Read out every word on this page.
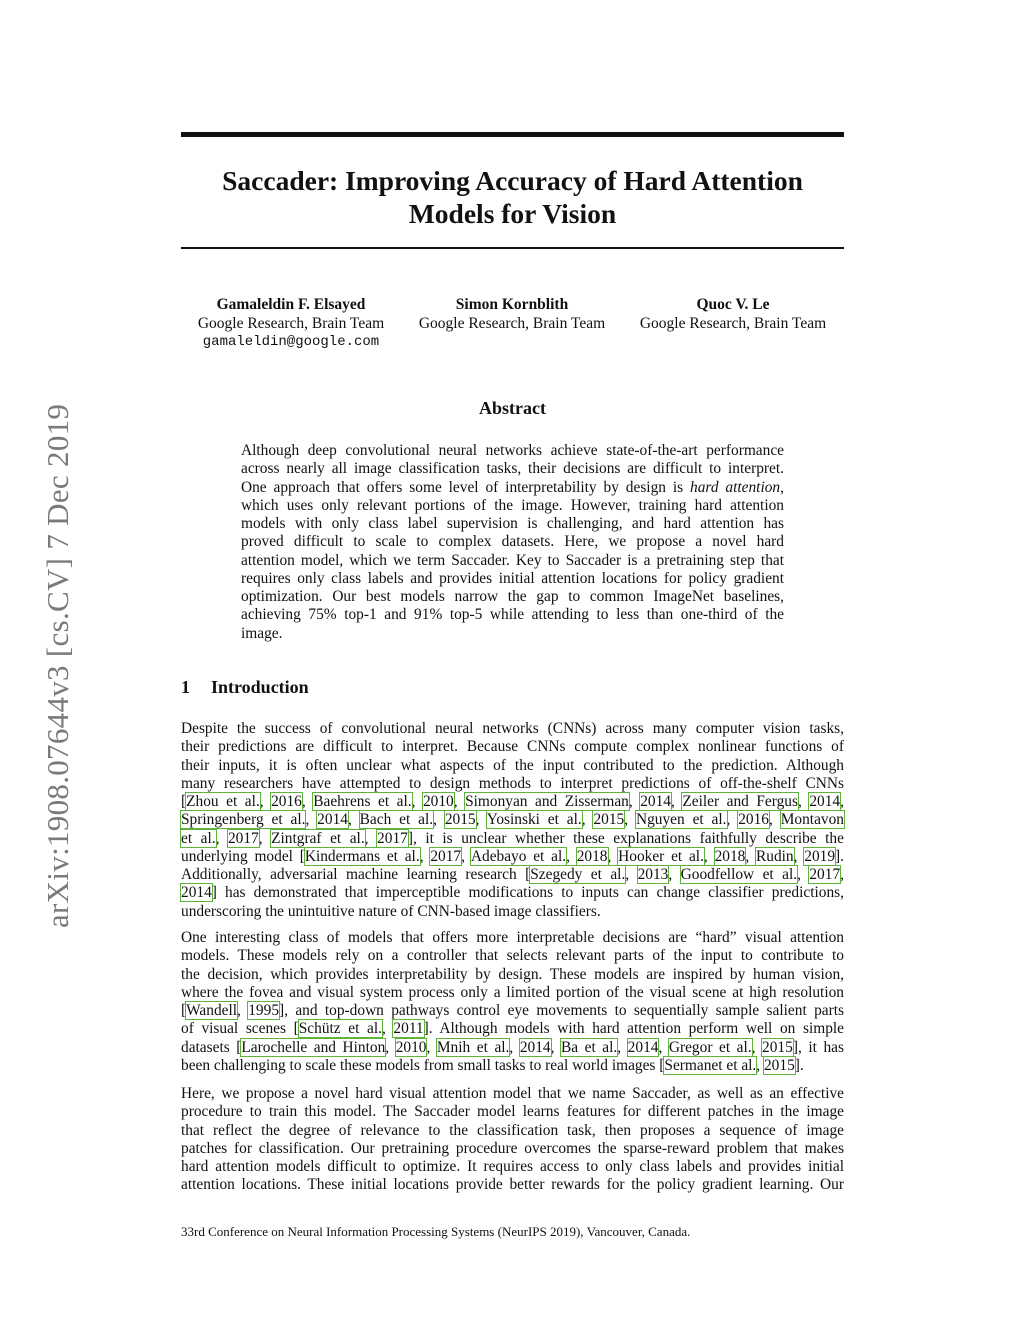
arXiv:1908.07644v3 [cs.CV] 7 Dec 2019
Saccader: Improving Accuracy of Hard Attention
Models for Vision
Gamaleldin F. Elsayed
Google Research, Brain Team
gamaleldin@google.com
Simon Kornblith
Google Research, Brain Team
Quoc V. Le
Google Research, Brain Team
Abstract
Although deep convolutional neural networks achieve state-of-the-art performance
across nearly all image classification tasks, their decisions are difficult to interpret.
One approach that offers some level of interpretability by design is hard attention,
which uses only relevant portions of the image. However, training hard attention
models with only class label supervision is challenging, and hard attention has
proved difficult to scale to complex datasets. Here, we propose a novel hard
attention model, which we term Saccader. Key to Saccader is a pretraining step that
requires only class labels and provides initial attention locations for policy gradient
optimization. Our best models narrow the gap to common ImageNet baselines,
achieving 75% top-1 and 91% top-5 while attending to less than one-third of the
image.
1 Introduction
Despite the success of convolutional neural networks (CNNs) across many computer vision tasks,
their predictions are difficult to interpret. Because CNNs compute complex nonlinear functions of
their inputs, it is often unclear what aspects of the input contributed to the prediction. Although
many researchers have attempted to design methods to interpret predictions of off-the-shelf CNNs
[Zhou et al., 2016, Baehrens et al., 2010, Simonyan and Zisserman, 2014, Zeiler and Fergus, 2014,
Springenberg et al., 2014, Bach et al., 2015, Yosinski et al., 2015, Nguyen et al., 2016, Montavon
et al., 2017, Zintgraf et al., 2017], it is unclear whether these explanations faithfully describe the
underlying model [Kindermans et al., 2017, Adebayo et al., 2018, Hooker et al., 2018, Rudin, 2019].
Additionally, adversarial machine learning research [Szegedy et al., 2013, Goodfellow et al., 2017,
2014] has demonstrated that imperceptible modifications to inputs can change classifier predictions,
underscoring the unintuitive nature of CNN-based image classifiers.
One interesting class of models that offers more interpretable decisions are “hard” visual attention
models. These models rely on a controller that selects relevant parts of the input to contribute to
the decision, which provides interpretability by design. These models are inspired by human vision,
where the fovea and visual system process only a limited portion of the visual scene at high resolution
[Wandell, 1995], and top-down pathways control eye movements to sequentially sample salient parts
of visual scenes [Schütz et al., 2011]. Although models with hard attention perform well on simple
datasets [Larochelle and Hinton, 2010, Mnih et al., 2014, Ba et al., 2014, Gregor et al., 2015], it has
been challenging to scale these models from small tasks to real world images [Sermanet et al., 2015].
Here, we propose a novel hard visual attention model that we name Saccader, as well as an effective
procedure to train this model. The Saccader model learns features for different patches in the image
that reflect the degree of relevance to the classification task, then proposes a sequence of image
patches for classification. Our pretraining procedure overcomes the sparse-reward problem that makes
hard attention models difficult to optimize. It requires access to only class labels and provides initial
attention locations. These initial locations provide better rewards for the policy gradient learning. Our
33rd Conference on Neural Information Processing Systems (NeurIPS 2019), Vancouver, Canada.
